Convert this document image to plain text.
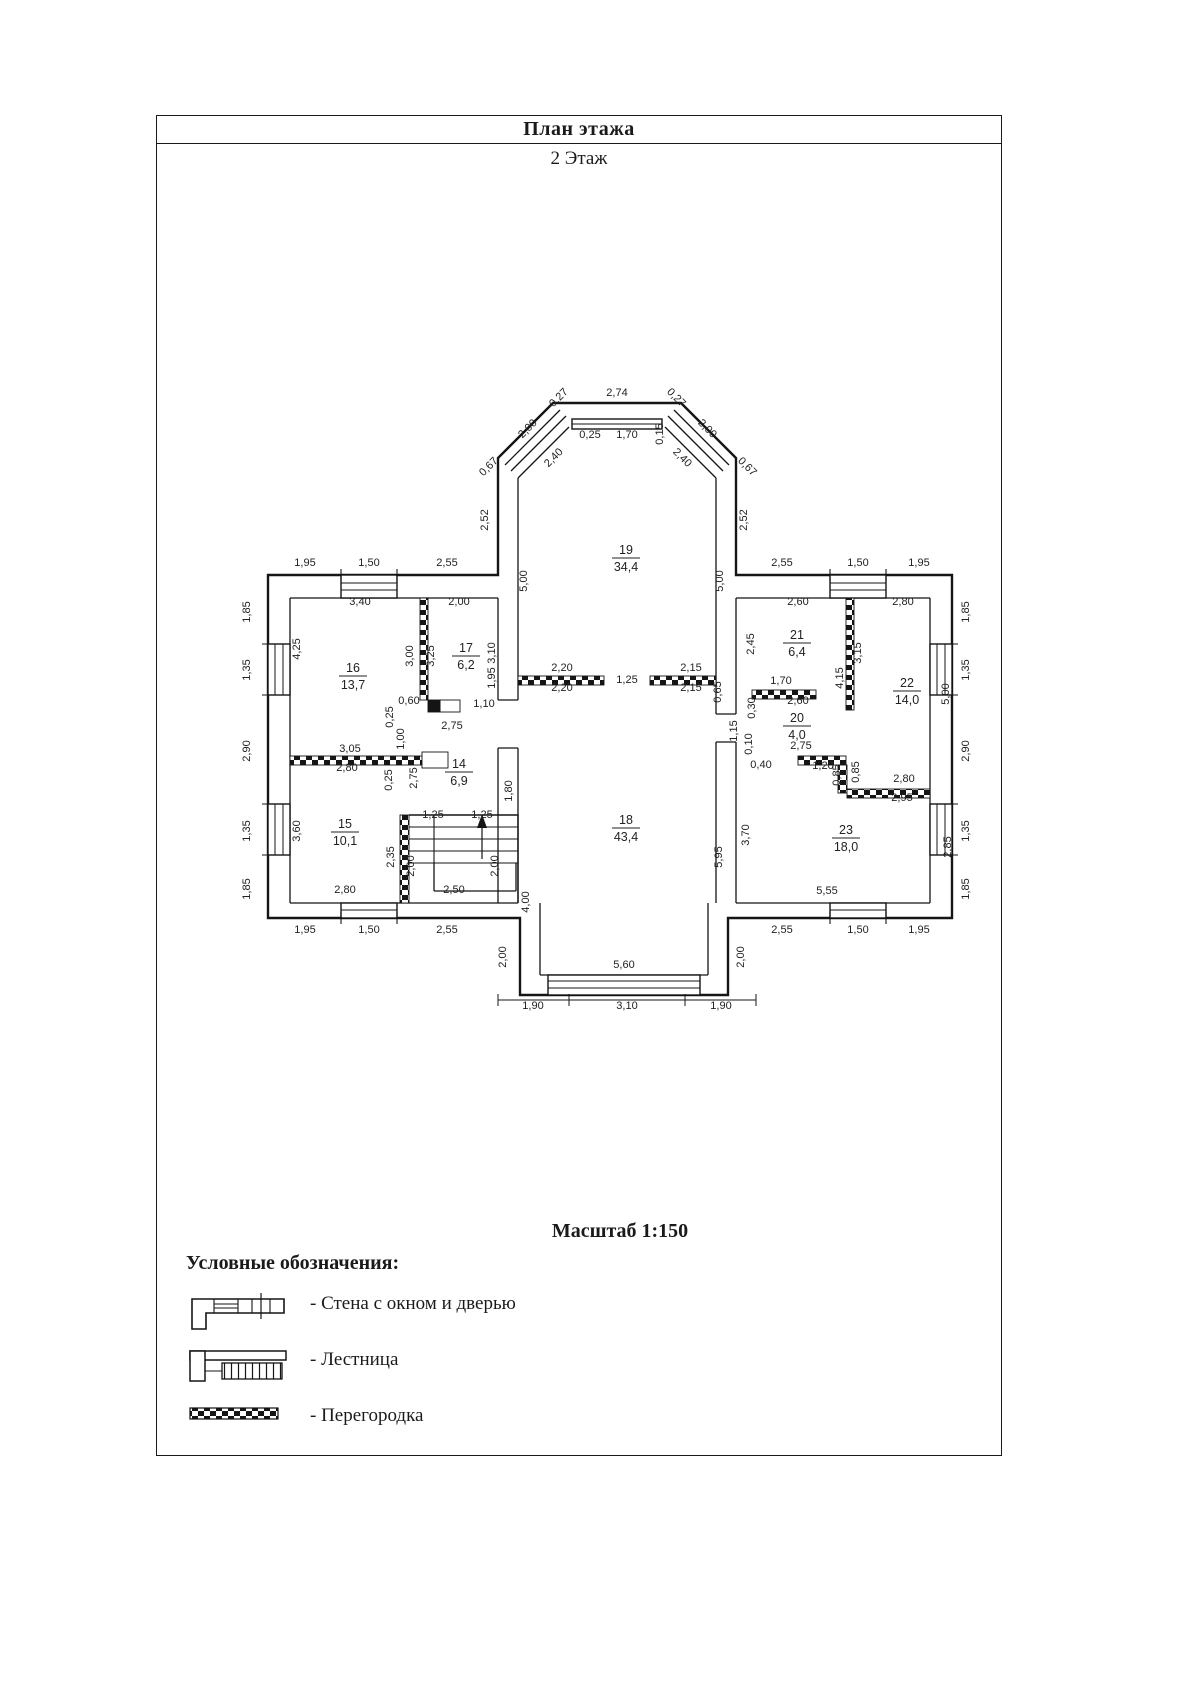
План этажа
2 Этаж
2,74
0,27	0,27
2,00	2,00
0,25 1,70 0,15
2,40	2,40
0,67	0,67
2,52	2,52
5,00	5,00
1,95	1,50	2,55	2,55	1,50	1,95
1,85
1,35
2,90
1,35
1,85
1,85
1,35
2,90
1,35
1,85
3,40	2,00
4,25	3,00 3,25	3,10
1,95
0,60
0,25
1,00
2,75
1,10
3,05
2,80
0,25 2,75
3,60
1,80
1,25	1,25
2,35 2,00	2,00
2,80	2,50
4,00
1,95	1,50	2,55
2,00	2,00
5,60
1,90	3,10	1,90
2,20
2,20
1,25
2,15
2,15 0,65
5,95
2,60	2,80
2,45	3,15
4,15
5,00
1,70
2,60
0,30
1,15
0,10
0,40
2,75
1,20
0,85 0,85	2,80
2,95
3,70
2,85
5,55
2,55	1,50	1,95
16
13,7
17
6,2
19
34,4
14
6,9
15
10,1
18
43,4
21
6,4
20
4,0
22
14,0
23
18,0
Масштаб 1:150
Условные обозначения:
- Стена с окном и дверью
- Лестница
- Перегородка
